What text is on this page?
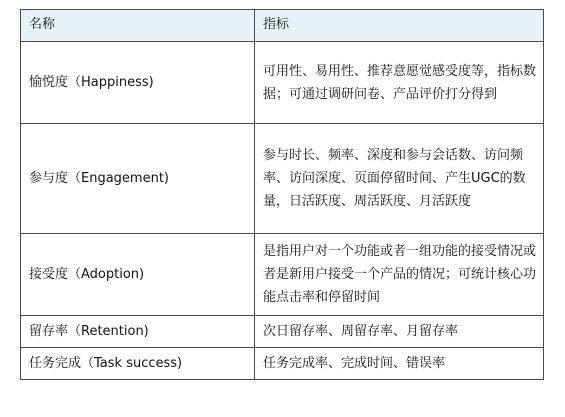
名称	指标
愉悦度（Happiness)	可用性、易用性、推荐意愿觉感受度等，指标数据；可通过调研问卷、产品评价打分得到
参与度（Engagement)	参与时长、频率、深度和参与会话数、访问频率、访问深度、页面停留时间、产生UGC的数量，日活跃度、周活跃度、月活跃度
接受度（Adoption)	是指用户对一个功能或者一组功能的接受情况或者是新用户接受一个产品的情况；可统计核心功能点击率和停留时间
留存率（Retention)	次日留存率、周留存率、月留存率
任务完成（Task success)	任务完成率、完成时间、错误率
